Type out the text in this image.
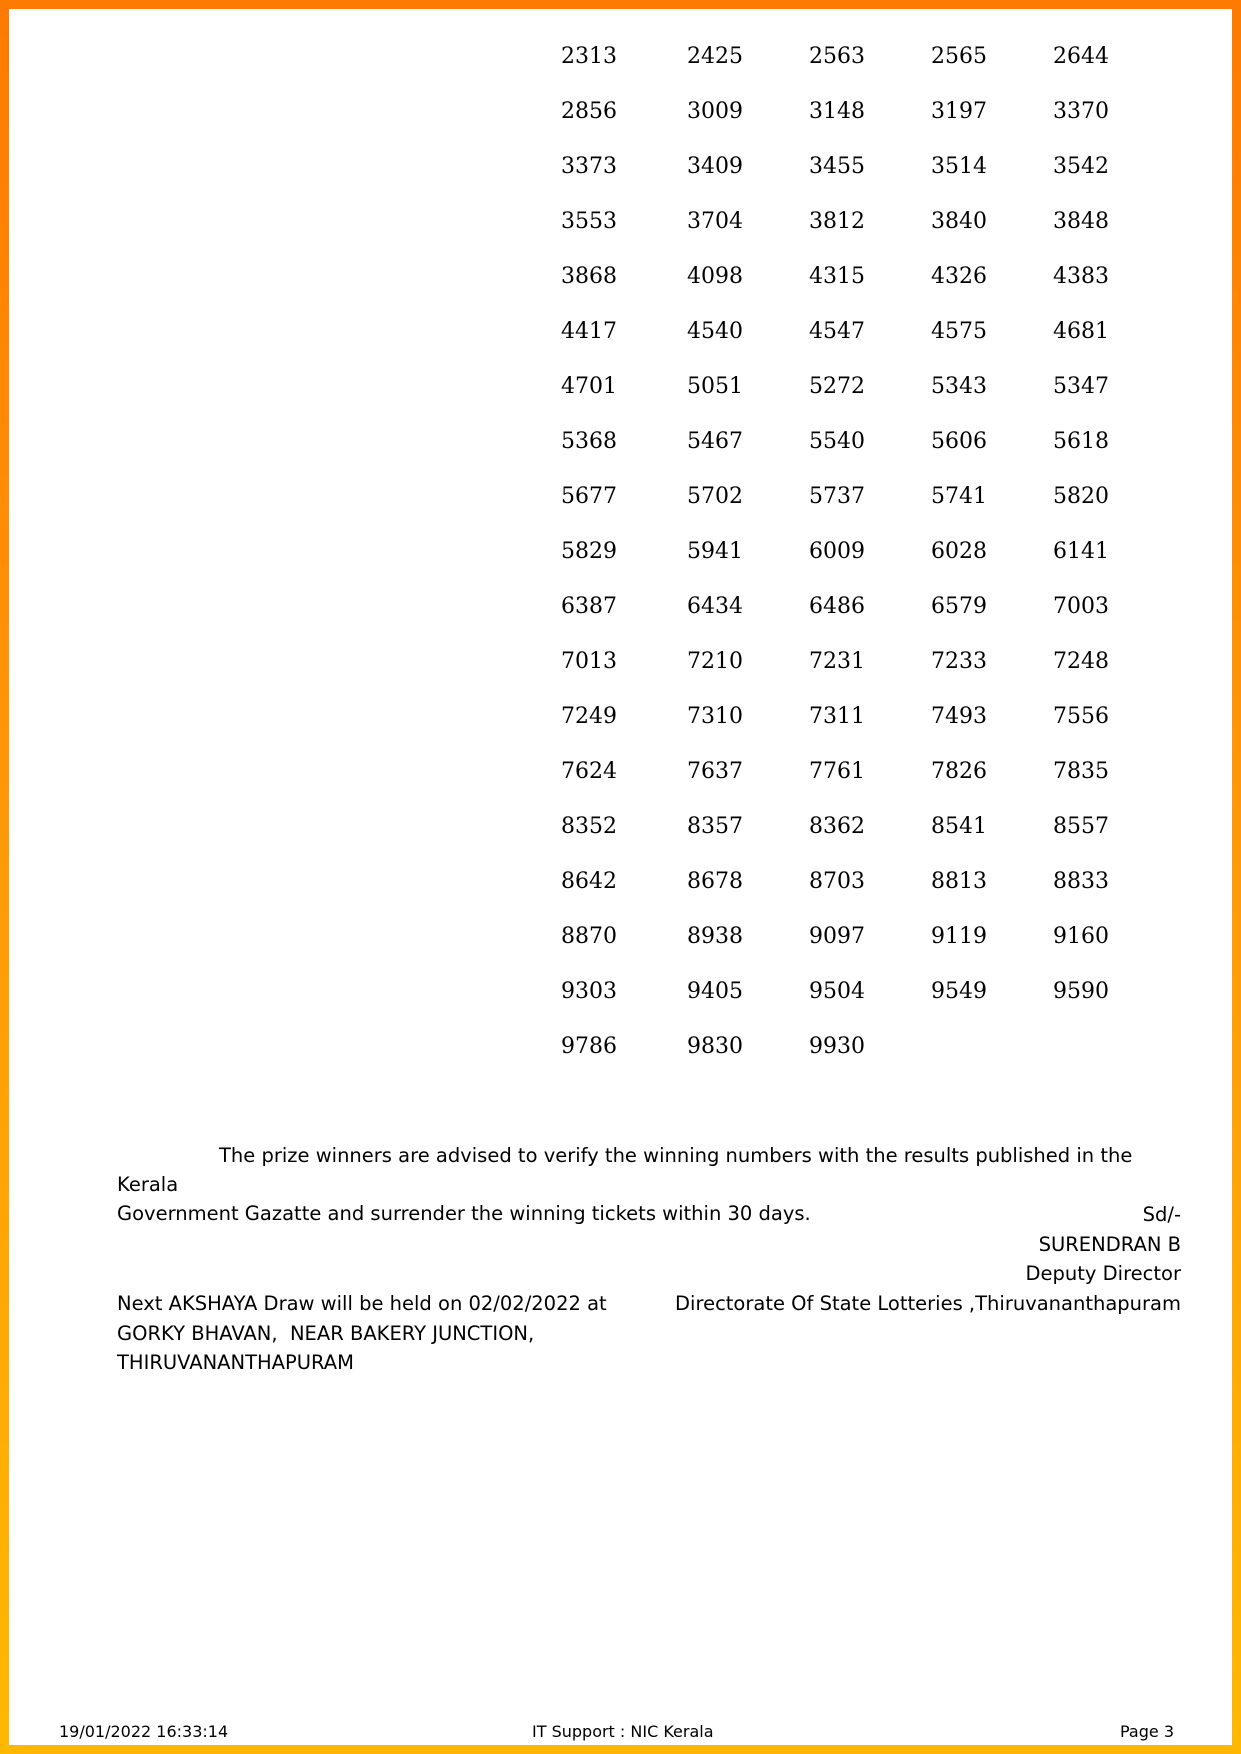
2313	2425	2563	2565	2644
2856	3009	3148	3197	3370
3373	3409	3455	3514	3542
3553	3704	3812	3840	3848
3868	4098	4315	4326	4383
4417	4540	4547	4575	4681
4701	5051	5272	5343	5347
5368	5467	5540	5606	5618
5677	5702	5737	5741	5820
5829	5941	6009	6028	6141
6387	6434	6486	6579	7003
7013	7210	7231	7233	7248
7249	7310	7311	7493	7556
7624	7637	7761	7826	7835
8352	8357	8362	8541	8557
8642	8678	8703	8813	8833
8870	8938	9097	9119	9160
9303	9405	9504	9549	9590
9786	9830	9930
The prize winners are advised to verify the winning numbers with the results published in the Kerala
Government Gazatte and surrender the winning tickets within 30 days.	Sd/-
SURENDRAN B
Deputy Director
Directorate Of State Lotteries ,Thiruvananthapuram
Next AKSHAYA Draw will be held on 02/02/2022 at
GORKY BHAVAN,  NEAR BAKERY JUNCTION,
THIRUVANANTHAPURAM
19/01/2022 16:33:14	IT Support : NIC Kerala	Page 3
